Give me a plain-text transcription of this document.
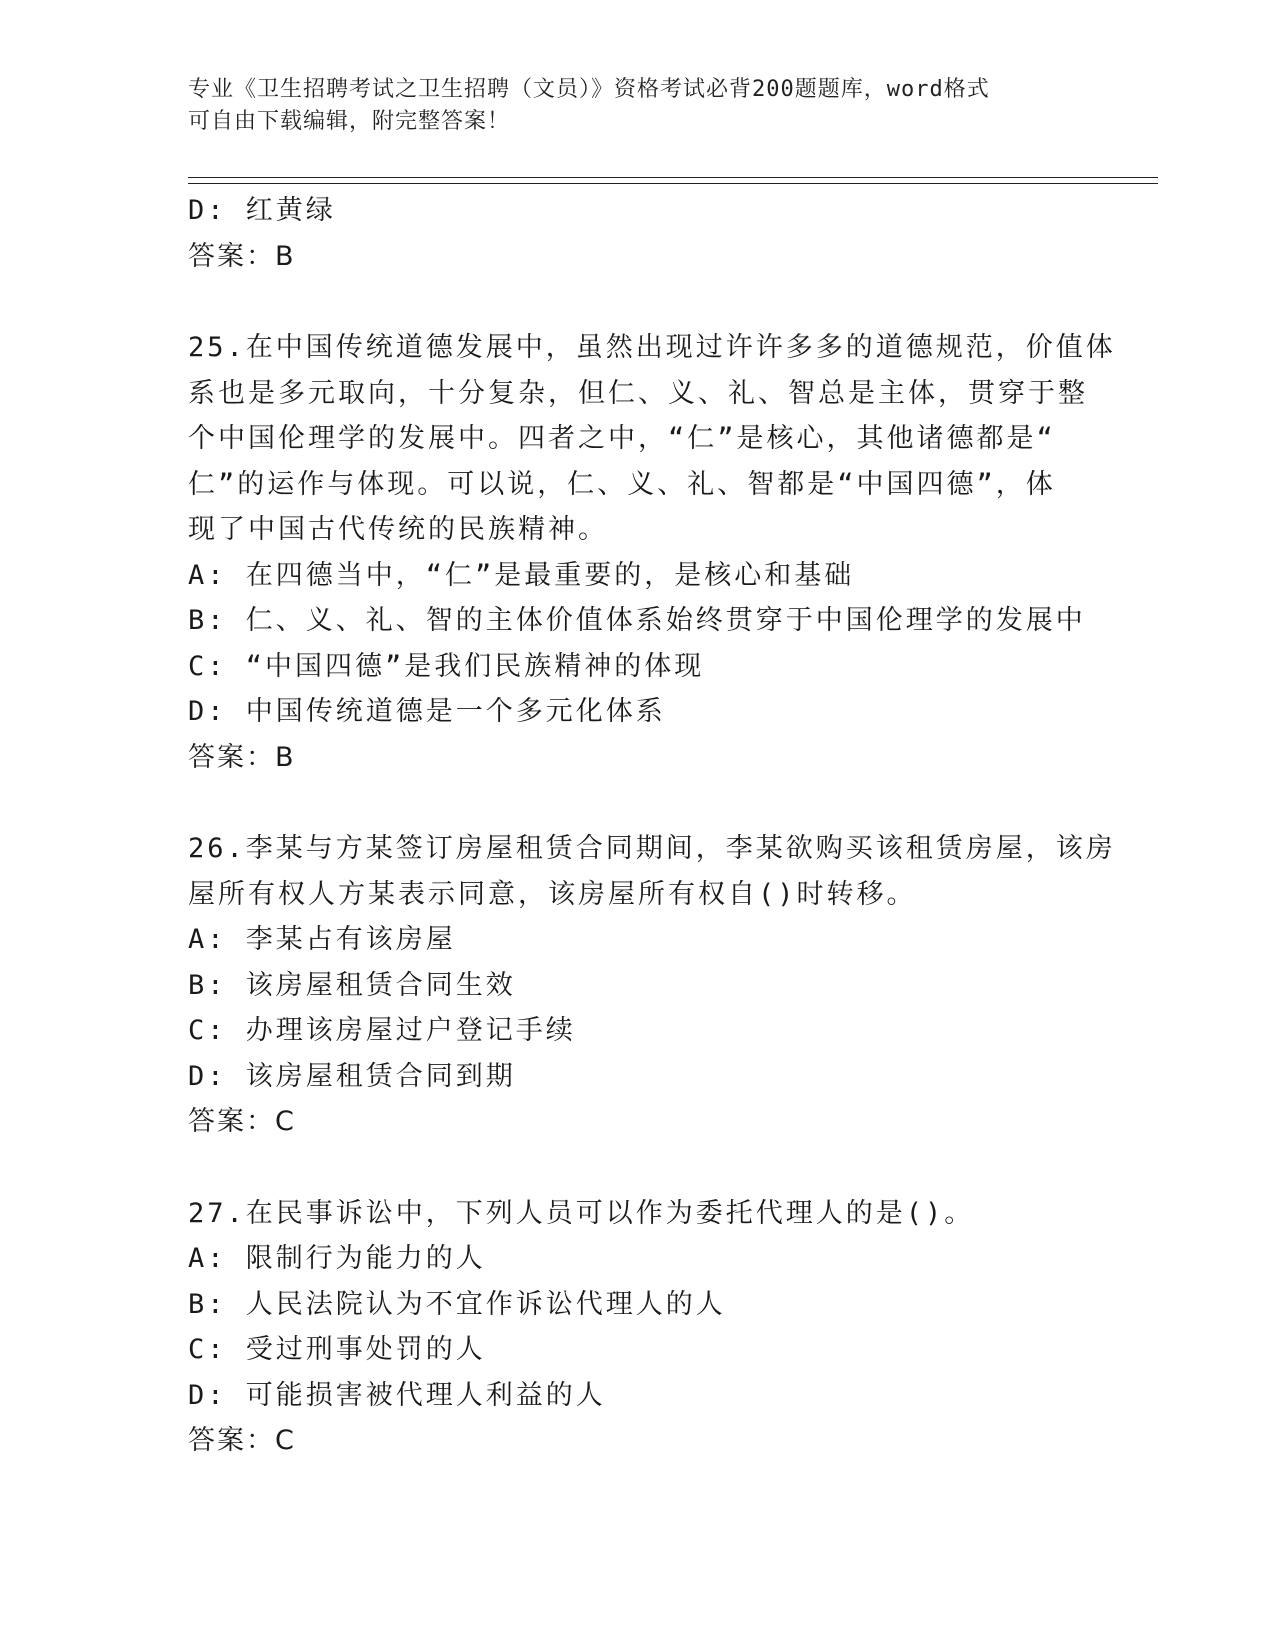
专业《卫生招聘考试之卫生招聘（文员）》资格考试必背200题题库，word格式
可自由下载编辑，附完整答案！
D: 红黄绿
答案：B
25.在中国传统道德发展中，虽然出现过许许多多的道德规范，价值体
系也是多元取向，十分复杂，但仁、义、礼、智总是主体，贯穿于整
个中国伦理学的发展中。四者之中，“仁”是核心，其他诸德都是“
仁”的运作与体现。可以说，仁、义、礼、智都是“中国四德”，体
现了中国古代传统的民族精神。
A: 在四德当中，“仁”是最重要的，是核心和基础
B: 仁、义、礼、智的主体价值体系始终贯穿于中国伦理学的发展中
C: “中国四德”是我们民族精神的体现
D: 中国传统道德是一个多元化体系
答案：B
26.李某与方某签订房屋租赁合同期间，李某欲购买该租赁房屋，该房
屋所有权人方某表示同意，该房屋所有权自()时转移。
A: 李某占有该房屋
B: 该房屋租赁合同生效
C: 办理该房屋过户登记手续
D: 该房屋租赁合同到期
答案：C
27.在民事诉讼中，下列人员可以作为委托代理人的是()。
A: 限制行为能力的人
B: 人民法院认为不宜作诉讼代理人的人
C: 受过刑事处罚的人
D: 可能损害被代理人利益的人
答案：C
